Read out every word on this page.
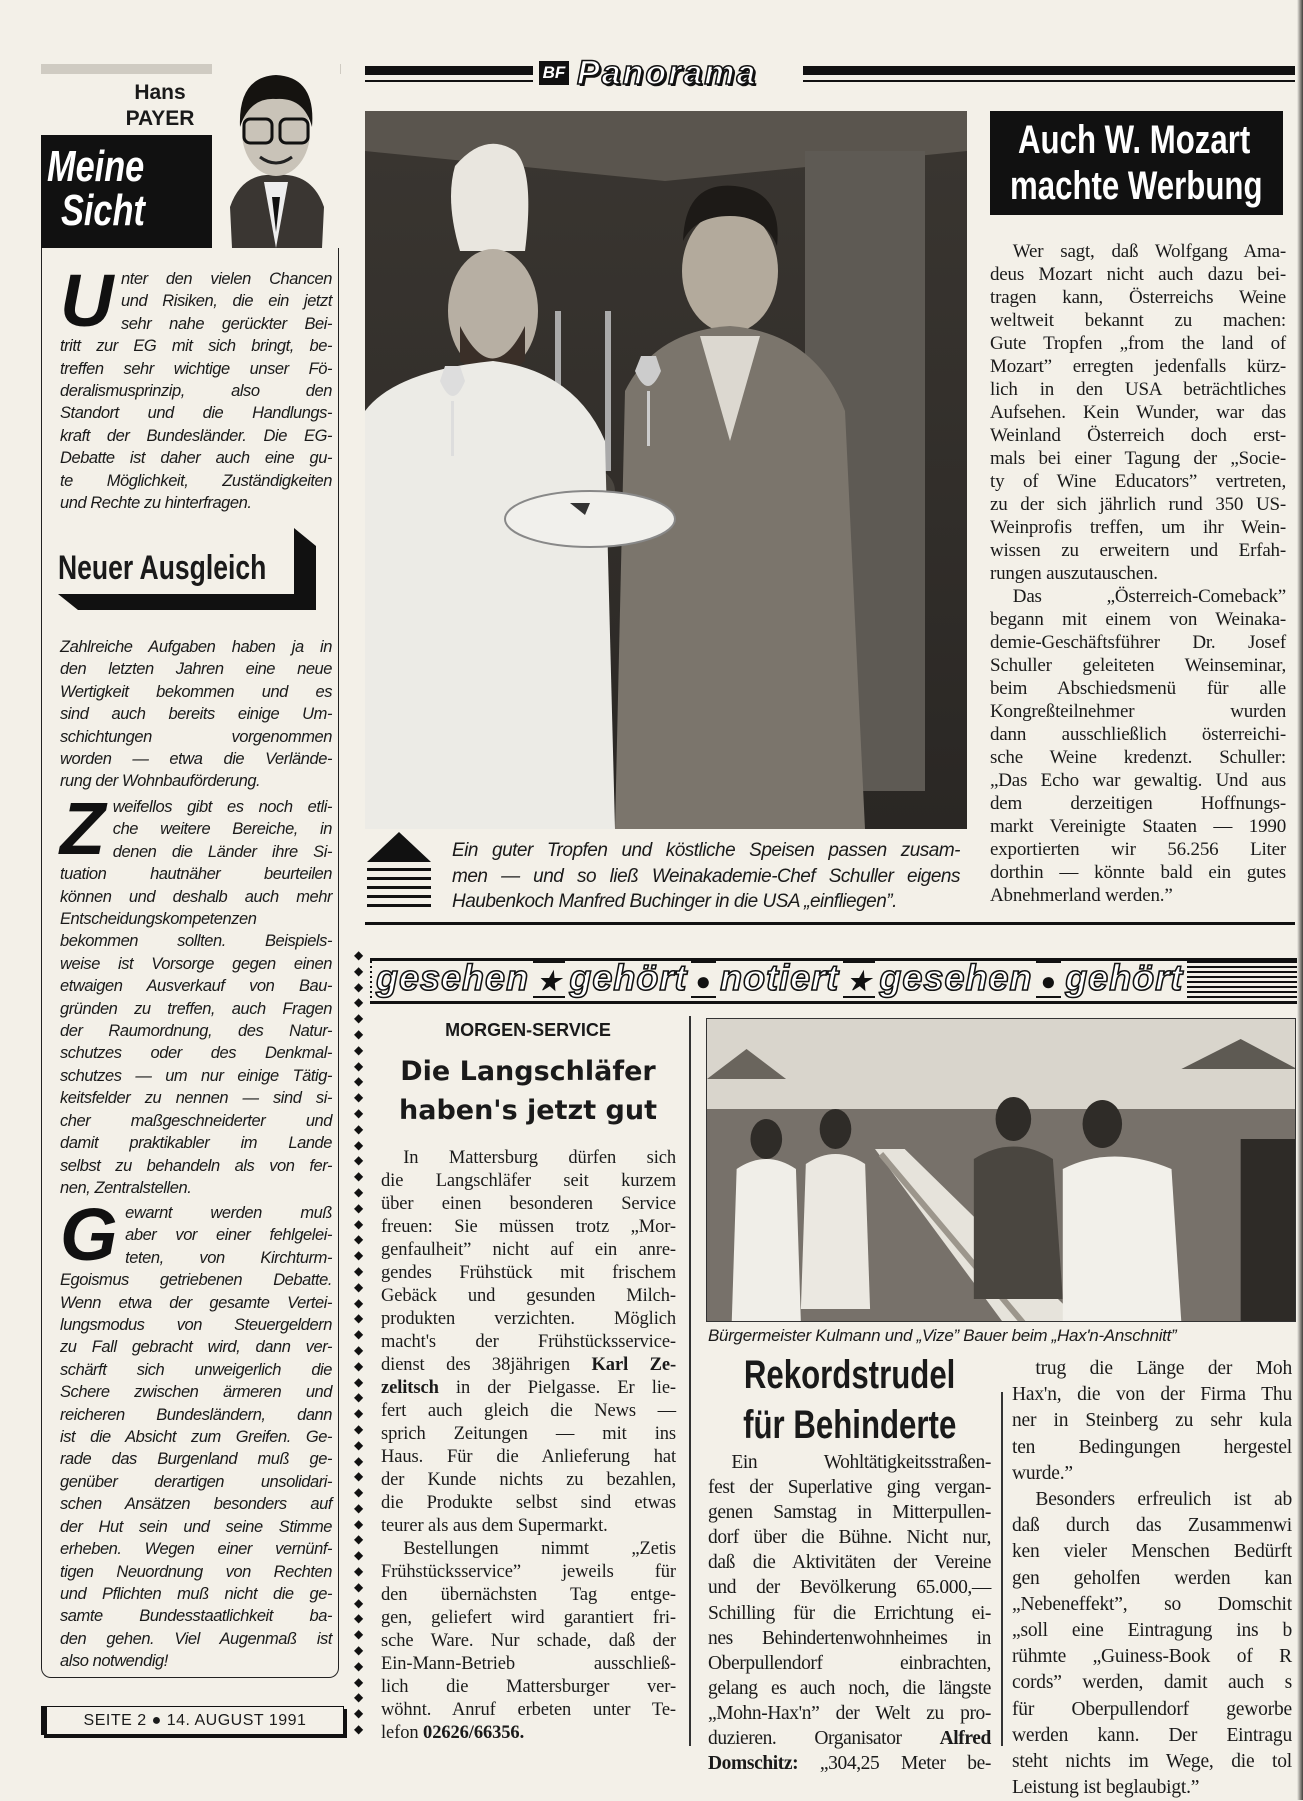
Hans
PAYER
Meine
Sicht
U nter den vielen Chancen
und Risiken, die ein jetzt
sehr nahe gerückter Bei-
tritt zur EG mit sich bringt, be-
treffen sehr wichtige unser Fö-
deralismusprinzip, also den
Standort und die Handlungs-
kraft der Bundesländer. Die EG-
Debatte ist daher auch eine gu-
te Möglichkeit, Zuständigkeiten
und Rechte zu hinterfragen.
Neuer Ausgleich
Zahlreiche Aufgaben haben ja in
den letzten Jahren eine neue
Wertigkeit bekommen und es
sind auch bereits einige Um-
schichtungen vorgenommen
worden — etwa die Verlände-
rung der Wohnbauförderung.
Z weifellos gibt es noch etli-
che weitere Bereiche, in
denen die Länder ihre Si-
tuation hautnäher beurteilen
können und deshalb auch mehr
Entscheidungskompetenzen
bekommen sollten. Beispiels-
weise ist Vorsorge gegen einen
etwaigen Ausverkauf von Bau-
gründen zu treffen, auch Fragen
der Raumordnung, des Natur-
schutzes oder des Denkmal-
schutzes — um nur einige Tätig-
keitsfelder zu nennen — sind si-
cher maßgeschneiderter und
damit praktikabler im Lande
selbst zu behandeln als von fer-
nen, Zentralstellen.
G ewarnt werden muß
aber vor einer fehlgelei-
teten, von Kirchturm-
Egoismus getriebenen Debatte.
Wenn etwa der gesamte Vertei-
lungsmodus von Steuergeldern
zu Fall gebracht wird, dann ver-
schärft sich unweigerlich die
Schere zwischen ärmeren und
reicheren Bundesländern, dann
ist die Absicht zum Greifen. Ge-
rade das Burgenland muß ge-
genüber derartigen unsolidari-
schen Ansätzen besonders auf
der Hut sein und seine Stimme
erheben. Wegen einer vernünf-
tigen Neuordnung von Rechten
und Pflichten muß nicht die ge-
samte Bundesstaatlichkeit ba-
den gehen. Viel Augenmaß ist
also notwendig!
SEITE 2 ● 14. AUGUST 1991
BF Panorama
Ein guter Tropfen und köstliche Speisen passen zusam-
men — und so ließ Weinakademie-Chef Schuller eigens
Haubenkoch Manfred Buchinger in die USA „einfliegen”.
Auch W. Mozart
machte Werbung
Wer sagt, daß Wolfgang Ama-
deus Mozart nicht auch dazu bei-
tragen kann, Österreichs Weine
weltweit bekannt zu machen:
Gute Tropfen „from the land of
Mozart” erregten jedenfalls kürz-
lich in den USA beträchtliches
Aufsehen. Kein Wunder, war das
Weinland Österreich doch erst-
mals bei einer Tagung der „Socie-
ty of Wine Educators” vertreten,
zu der sich jährlich rund 350 US-
Weinprofis treffen, um ihr Wein-
wissen zu erweitern und Erfah-
rungen auszutauschen.
Das „Österreich-Comeback”
begann mit einem von Weinaka-
demie-Geschäftsführer Dr. Josef
Schuller geleiteten Weinseminar,
beim Abschiedsmenü für alle
Kongreßteilnehmer wurden
dann ausschließlich österreichi-
sche Weine kredenzt. Schuller:
„Das Echo war gewaltig. Und aus
dem derzeitigen Hoffnungs-
markt Vereinigte Staaten — 1990
exportierten wir 56.256 Liter
dorthin — könnte bald ein gutes
Abnehmerland werden.”
gesehen ★ gehört ● notiert ★ gesehen ● gehört
◆
◆
◆
◆
◆
◆
◆
◆
◆
◆
◆
◆
◆
◆
◆
◆
◆
◆
◆
◆
◆
◆
◆
◆
◆
◆
◆
◆
◆
◆
◆
◆
◆
◆
◆
◆
◆
◆
◆
◆
◆
◆
◆
◆
◆
◆
◆
◆
◆
◆
MORGEN-SERVICE
Die Langschläfer
haben's jetzt gut
In Mattersburg dürfen sich
die Langschläfer seit kurzem
über einen besonderen Service
freuen: Sie müssen trotz „Mor-
genfaulheit” nicht auf ein anre-
gendes Frühstück mit frischem
Gebäck und gesunden Milch-
produkten verzichten. Möglich
macht's der Frühstücksservice-
dienst des 38jährigen Karl Ze-
zelitsch in der Pielgasse. Er lie-
fert auch gleich die News —
sprich Zeitungen — mit ins
Haus. Für die Anlieferung hat
der Kunde nichts zu bezahlen,
die Produkte selbst sind etwas
teurer als aus dem Supermarkt.
Bestellungen nimmt „Zetis
Frühstücksservice” jeweils für
den übernächsten Tag entge-
gen, geliefert wird garantiert fri-
sche Ware. Nur schade, daß der
Ein-Mann-Betrieb ausschließ-
lich die Mattersburger ver-
wöhnt. Anruf erbeten unter Te-
lefon 02626/66356.
Bürgermeister Kulmann und „Vize” Bauer beim „Hax'n-Anschnitt”
Rekordstrudel
für Behinderte
Ein Wohltätigkeitsstraßen-
fest der Superlative ging vergan-
genen Samstag in Mitterpullen-
dorf über die Bühne. Nicht nur,
daß die Aktivitäten der Vereine
und der Bevölkerung 65.000,—
Schilling für die Errichtung ei-
nes Behindertenwohnheimes in
Oberpullendorf einbrachten,
gelang es auch noch, die längste
„Mohn-Hax'n” der Welt zu pro-
duzieren. Organisator Alfred
Domschitz: „304,25 Meter be-
trug die Länge der Moh
Hax'n, die von der Firma Thu
ner in Steinberg zu sehr kula
ten Bedingungen hergestel
wurde.”
Besonders erfreulich ist ab
daß durch das Zusammenwi
ken vieler Menschen Bedürft
gen geholfen werden kan
„Nebeneffekt”, so Domschit
„soll eine Eintragung ins b
rühmte „Guiness-Book of R
cords” werden, damit auch s
für Oberpullendorf geworbe
werden kann. Der Eintragu
steht nichts im Wege, die tol
Leistung ist beglaubigt.”
